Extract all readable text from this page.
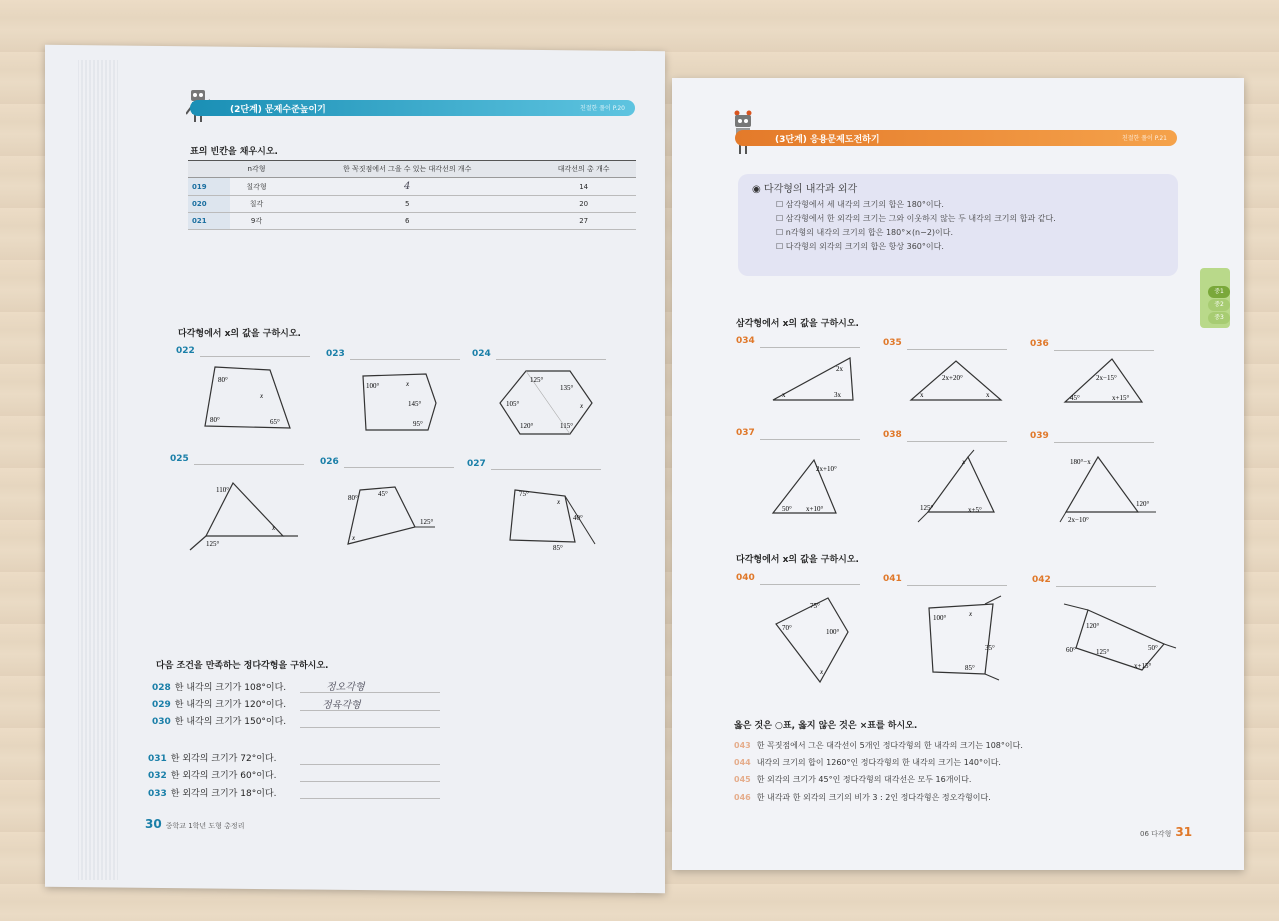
(2단계) 문제수준높이기	친절한 풀이 P.20
표의 빈칸을 채우시오.
	n각형	한 꼭짓점에서 그을 수 있는 대각선의 개수	대각선의 총 개수
019	칠각형	4	14
020	칠각	5	20
021	9각	6	27
다각형에서 x의 값을 구하시오.
022	023	024
80°
80°	65°
x
100°
145°
95°
x	125°
135°
105°
120°	115°
x
025	026	027
110°
125°
x
80°	45°
125°
x
75°
40°
85°
x
다음 조건을 만족하는 정다각형을 구하시오.
028 한 내각의 크기가 108°이다.
029 한 내각의 크기가 120°이다.
030 한 내각의 크기가 150°이다.
031 한 외각의 크기가 72°이다.
032 한 외각의 크기가 60°이다.
033 한 외각의 크기가 18°이다.
정오각형
정육각형
30 중학교 1학년 도형 총정리
(3단계) 응용문제도전하기	친절한 풀이 P.21
◉ 다각형의 내각과 외각
☐ 삼각형에서 세 내각의 크기의 합은 180°이다.
☐ 삼각형에서 한 외각의 크기는 그와 이웃하지 않는 두 내각의 크기의 합과 같다.
☐ n각형의 내각의 크기의 합은 180°×(n−2)이다.
☐ 다각형의 외각의 크기의 합은 항상 360°이다.
중1
중2
중3
삼각형에서 x의 값을 구하시오.
034	035	036
2x
3x
x
2x+20°
x	x
2x−15°
45°	x+15°
037	038	039
2x+10°
50° x+10°	125°	x+5°
x	180°−x
120°
2x−10°
다각형에서 x의 값을 구하시오.
040	041	042
75°
70°	100°
x
100°	x
35°
85°
120°
60°	125°	50°
x+15°
옳은 것은 ○표, 옳지 않은 것은 ×표를 하시오.
043 한 꼭짓점에서 그은 대각선이 5개인 정다각형의 한 내각의 크기는 108°이다.
044 내각의 크기의 합이 1260°인 정다각형의 한 내각의 크기는 140°이다.
045 한 외각의 크기가 45°인 정다각형의 대각선은 모두 16개이다.
046 한 내각과 한 외각의 크기의 비가 3 : 2인 정다각형은 정오각형이다.
06 다각형 31
